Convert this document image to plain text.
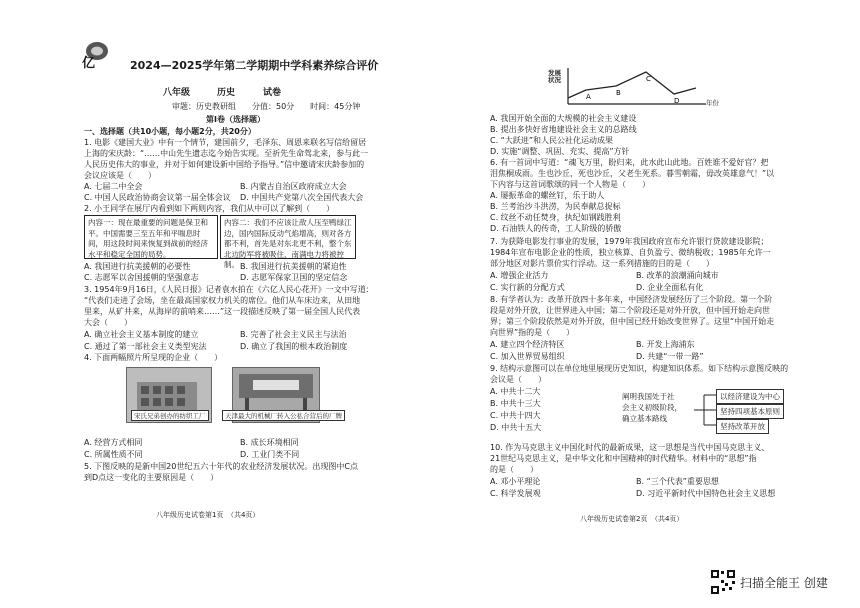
亿	2024—2025学年第二学期期中学科素养综合评价
八年级	历史	试卷
审题：历史教研组　　分值：50分　　时间：45分钟
第Ⅰ卷（选择题）
一、选择题（共10小题，每小题2分，共20分）
1. 电影《建国大业》中有一个情节，建国前夕，毛泽东、周恩来联名写信给留居
上海的宋庆龄：“……中山先生遗志迄今始告实现。至祈先生命驾北来，参与此一
人民历史伟大的事业，并对于如何建设新中国给予指导。”信中邀请宋庆龄参加的
会议应该是（　　）
A. 七届二中全会	B. 内蒙古自治区政府成立大会
C. 中国人民政治协商会议第一届全体会议 D. 中国共产党第八次全国代表大会
2. 小王同学在展厅内看到如下两则内容，我们从中可以了解到（　　）
内容一：现在最重要的问题是保卫和平。中国需要三至五年和平喘息时间，用这段时间来恢复到战前的经济水平和稳定全国的局势。
内容二：我们不应该让敌人压至鸭绿江边，国内国际反动气焰增高，则对各方都不利，首先是对东北更不利，整个东北边防军将被吸住，南满电力将被控制。
A. 我国进行抗美援朝的必要性	B. 我国进行抗美援朝的紧迫性
C. 志愿军以舍国援朝的坚强意志	D. 志愿军保家卫国的坚定信念
3. 1954年9月16日，《人民日报》记者袁水拍在《六亿人民心花开》一文中写道：
“代表们走进了会场，坐在最高国家权力机关的席位。他们从车床边来，从田地
里来，从矿井来，从海岸的前哨来……”这一段描述反映了第一届全国人民代表
大会（　　）
A. 确立社会主义基本制度的建立	B. 完善了社会主义民主与法治
C. 通过了第一部社会主义类型宪法	D. 确立了我国的根本政治制度
4. 下面两幅照片所呈现的企业（　　）
宋氏兄弟创办的纺织工厂	天津最大的机械厂转入公私合营后的厂牌
A. 经营方式相同	B. 成长环境相同
C. 所属性质不同	D. 工业门类不同
5. 下图反映的是新中国20世纪五六十年代的农业经济发展状况。出现图中C点
到D点这一变化的主要原因是（　　）
八年级历史试卷第1页　（共4页）
A	B
C
D
发展状况
年份
A. 我国开始全面的大规模的社会主义建设
B. 提出多快好省地建设社会主义的总路线
C. “大跃进”和人民公社化运动成果
D. 实施“调整、巩固、充实、提高”方针
6. 有一首词中写道：“魂飞万里，盼归来，此水此山此地。百姓谁不爱好官？把
泪焦桐成雨。生也沙丘，死也沙丘，父老生死系。暮雪朝霜，毋改英雄意气！”以
下内容与这首词歌颂的同一个人物是（　　）
A. 屡振革命的螺丝钉，乐于助人
B. 兰考治沙斗洪涝，为民奉献总捉标
C. 纹丝不动任焚身，执纪如钢践胜利
D. 石油铁人的传奇，工人阶级的骄傲
7. 为获降电影发行事业的发展，1979年我国政府宣布允许银行贷款建设影院；
1984年宣布电影企业的性质，独立核算、自负盈亏、微纳税收；1985年允许一
部分地区对影片票价实行浮动。这一系列措施的目的是（　　）
A. 增强企业活力	B. 改革的浪潮涌向城市
C. 实行新的分配方式	D. 企业全面私有化
8. 有学者认为：改革开放四十多年来，中国经济发展经历了三个阶段。第一个阶
段是对外开放，让世界进入中国；第二个阶段还是对外开放，但中国开始走向世
界；第三个阶段依然是对外开放，但中国已经开始改变世界了。这里“中国开始走
向世界”指的是（　　）
A. 建立四个经济特区	B. 开发上海浦东
C. 加入世界贸易组织	D. 共建“一带一路”
9. 结构示意图可以在单位地里展现历史知识，构建知识体系。如下结构示意图反映的
会议是（　　）
A. 中共十二大
B. 中共十三大
C. 中共十四大
D. 中共十五大
阐明我国处于社
会主义初级阶段，
确立基本路线
以经济建设为中心
坚持四项基本原则
坚持改革开放
10. 作为马克思主义中国化时代的最新成果，这一思想是当代中国马克思主义、
21世纪马克思主义，是中华文化和中国精神的时代精华。材料中的“思想”指
的是（　　）
A. 邓小平理论	B. “三个代表”重要思想
C. 科学发展观	D. 习近平新时代中国特色社会主义思想
八年级历史试卷第2页　（共4页）
扫描全能王 创建
